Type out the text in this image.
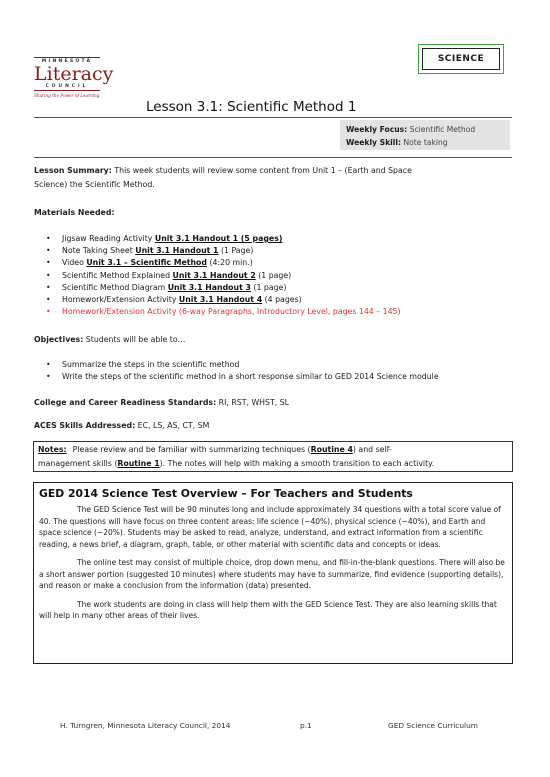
SCIENCE
MINNESOTA
Literacy
COUNCIL
Sharing the Power of Learning
Lesson 3.1: Scientific Method 1
Weekly Focus: Scientific Method
Weekly Skill: Note taking
Lesson Summary: This week students will review some content from Unit 1 – (Earth and Space
Science) the Scientific Method.
Materials Needed:
• Jigsaw Reading Activity Unit 3.1 Handout 1 (5 pages)
• Note Taking Sheet Unit 3.1 Handout 1 (1 Page)
• Video Unit 3.1 – Scientific Method (4:20 min.)
• Scientific Method Explained Unit 3.1 Handout 2 (1 page)
• Scientific Method Diagram Unit 3.1 Handout 3 (1 page)
• Homework/Extension Activity Unit 3.1 Handout 4 (4 pages)
• Homework/Extension Activity (6-way Paragraphs, Introductory Level, pages 144 – 145)
Objectives: Students will be able to…
• Summarize the steps in the scientific method
• Write the steps of the scientific method in a short response similar to GED 2014 Science module
College and Career Readiness Standards: RI, RST, WHST, SL
ACES Skills Addressed: EC, LS, AS, CT, SM
Notes: Please review and be familiar with summarizing techniques (Routine 4) and self-
management skills (Routine 1). The notes will help with making a smooth transition to each activity.
GED 2014 Science Test Overview – For Teachers and Students

The GED Science Test will be 90 minutes long and include approximately 34 questions with a total score value of 40. The questions will have focus on three content areas: life science (~40%), physical science (~40%), and Earth and space science (~20%). Students may be asked to read, analyze, understand, and extract information from a scientific reading, a news brief, a diagram, graph, table, or other material with scientific data and concepts or ideas.

The online test may consist of multiple choice, drop down menu, and fill-in-the-blank questions. There will also be a short answer portion (suggested 10 minutes) where students may have to summarize, find evidence (supporting details), and reason or make a conclusion from the information (data) presented.

The work students are doing in class will help them with the GED Science Test. They are also learning skills that will help in many other areas of their lives.

H. Turngren, Minnesota Literacy Council, 2014	p.1	GED Science Curriculum
